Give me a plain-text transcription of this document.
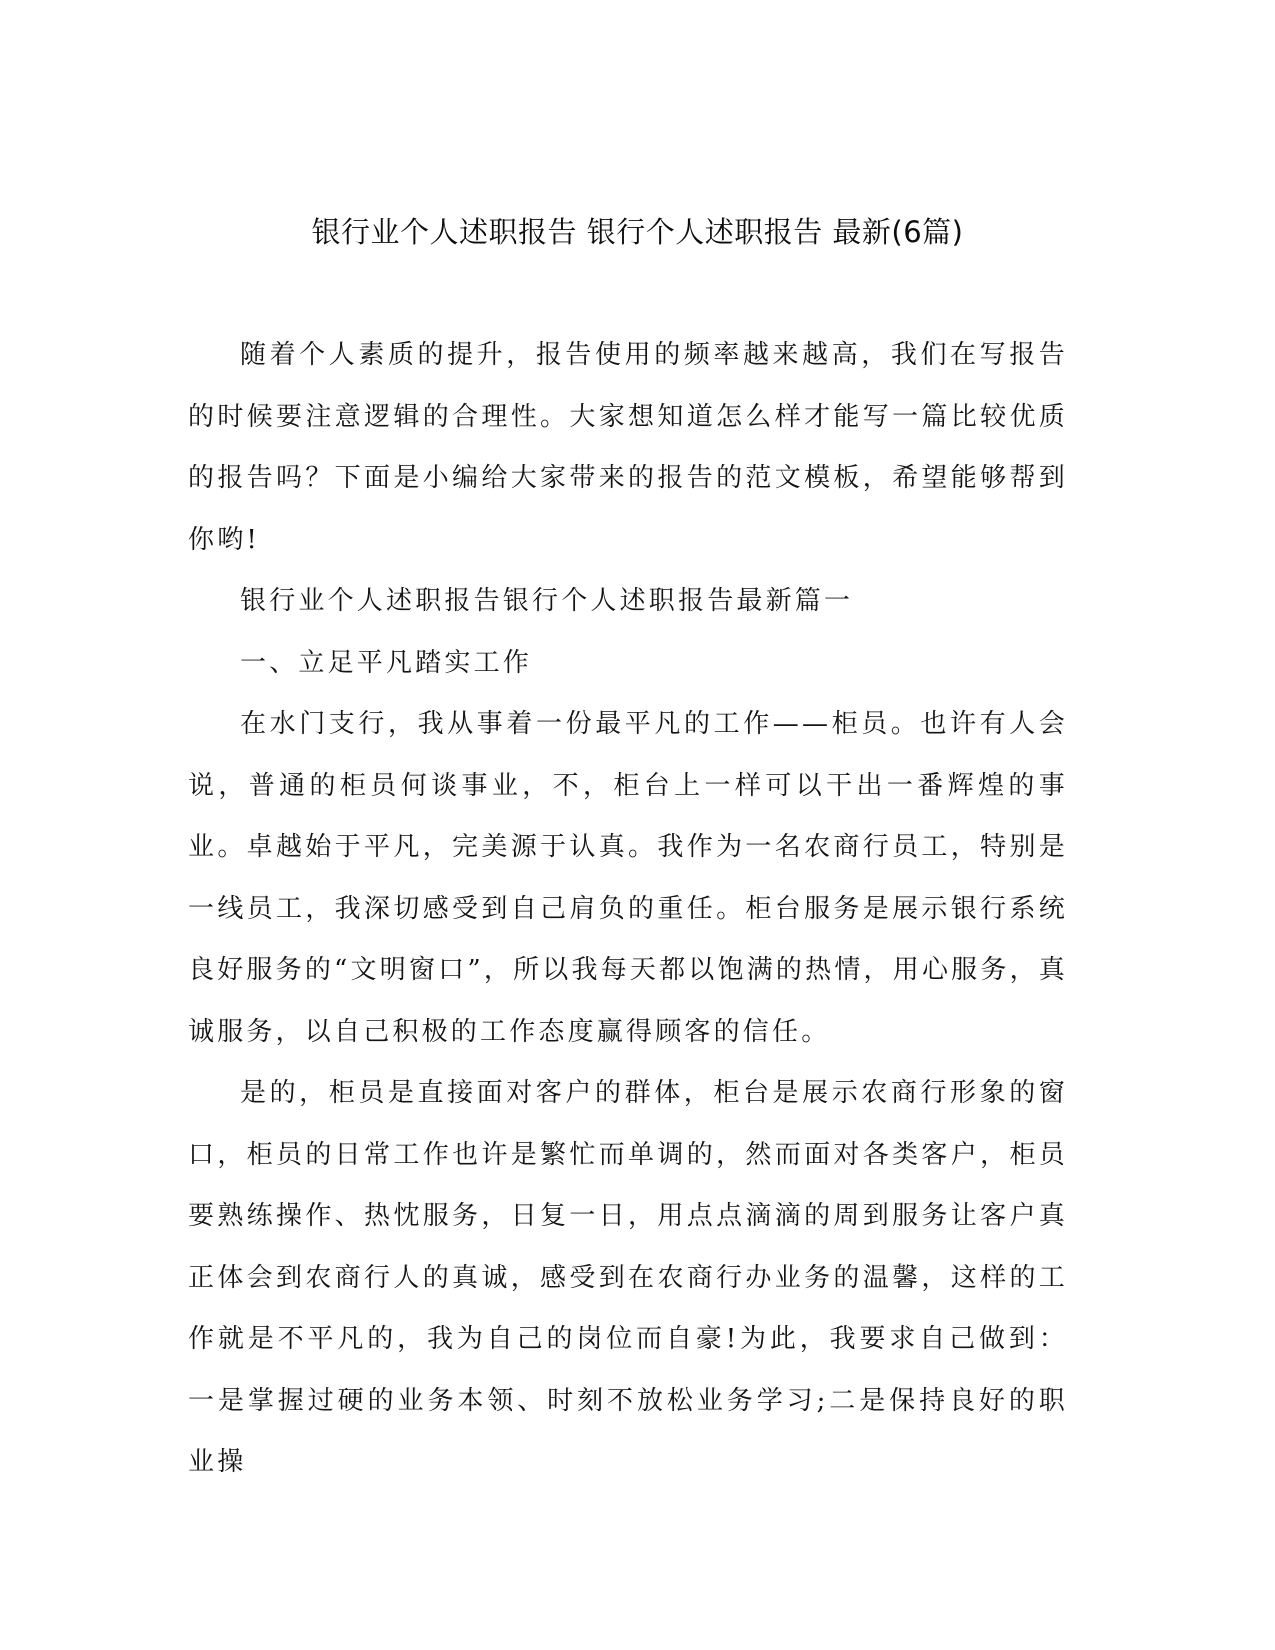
银行业个人述职报告 银行个人述职报告 最新(6篇)

随着个人素质的提升，报告使用的频率越来越高，我们在写报告的时候要注意逻辑的合理性。大家想知道怎么样才能写一篇比较优质的报告吗？下面是小编给大家带来的报告的范文模板，希望能够帮到你哟!

银行业个人述职报告银行个人述职报告最新篇一

一、立足平凡踏实工作

在水门支行，我从事着一份最平凡的工作——柜员。也许有人会说，普通的柜员何谈事业，不，柜台上一样可以干出一番辉煌的事业。卓越始于平凡，完美源于认真。我作为一名农商行员工，特别是一线员工，我深切感受到自己肩负的重任。柜台服务是展示银行系统良好服务的“文明窗口”，所以我每天都以饱满的热情，用心服务，真诚服务，以自己积极的工作态度赢得顾客的信任。

是的，柜员是直接面对客户的群体，柜台是展示农商行形象的窗口，柜员的日常工作也许是繁忙而单调的，然而面对各类客户，柜员要熟练操作、热忱服务，日复一日，用点点滴滴的周到服务让客户真正体会到农商行人的真诚，感受到在农商行办业务的温馨，这样的工作就是不平凡的，我为自己的岗位而自豪!为此，我要求自己做到：一是掌握过硬的业务本领、时刻不放松业务学习;二是保持良好的职业操
